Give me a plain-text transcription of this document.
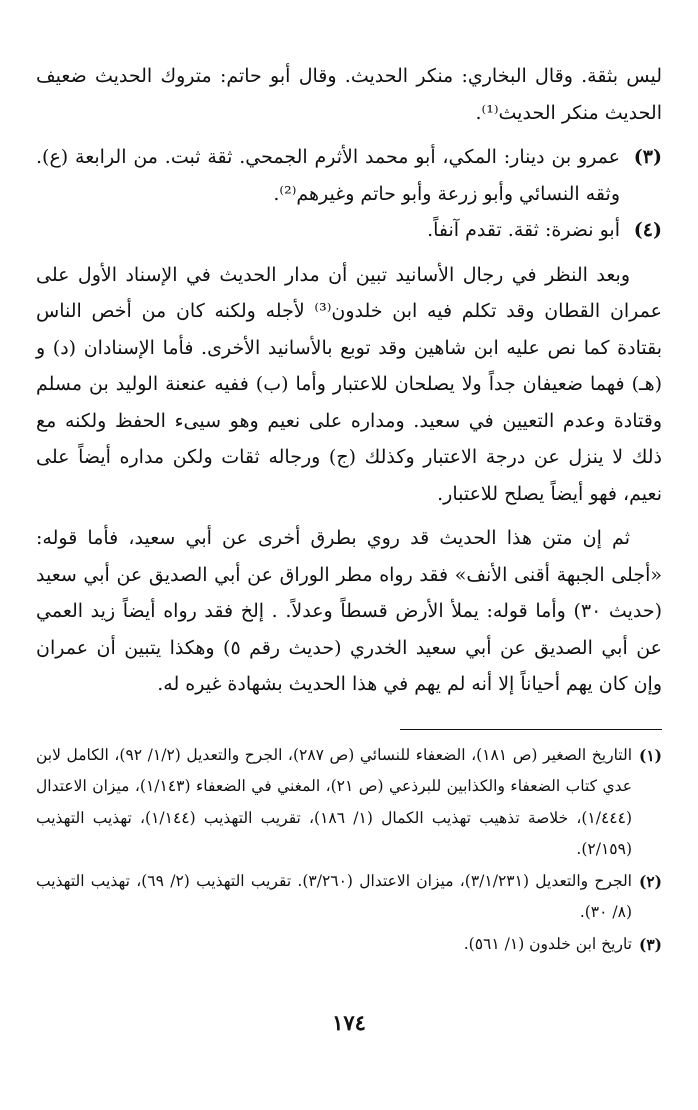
ليس بثقة. وقال البخاري: منكر الحديث. وقال أبو حاتم: متروك الحديث ضعيف الحديث منكر الحديث⁽¹⁾.

(٣)
عمرو بن دينار: المكي، أبو محمد الأثرم الجمحي. ثقة ثبت. من الرابعة (ع). وثقه النسائي وأبو زرعة وأبو حاتم وغيرهم⁽²⁾.
(٤)
أبو نضرة: ثقة. تقدم آنفاً.

وبعد النظر في رجال الأسانيد تبين أن مدار الحديث في الإسناد الأول على عمران القطان وقد تكلم فيه ابن خلدون⁽³⁾ لأجله ولكنه كان من أخص الناس بقتادة كما نص عليه ابن شاهين وقد توبع بالأسانيد الأخرى. فأما الإسنادان (د) و (هـ) فهما ضعيفان جداً ولا يصلحان للاعتبار وأما (ب) ففيه عنعنة الوليد بن مسلم وقتادة وعدم التعيين في سعيد. ومداره على نعيم وهو سيىء الحفظ ولكنه مع ذلك لا ينزل عن درجة الاعتبار وكذلك (ج) ورجاله ثقات ولكن مداره أيضاً على نعيم، فهو أيضاً يصلح للاعتبار.

ثم إن متن هذا الحديث قد روي بطرق أخرى عن أبي سعيد، فأما قوله: «أجلى الجبهة أقنى الأنف» فقد رواه مطر الوراق عن أبي الصديق عن أبي سعيد (حديث ٣٠) وأما قوله: يملأ الأرض قسطاً وعدلاً. . إلخ فقد رواه أيضاً زيد العمي عن أبي الصديق عن أبي سعيد الخدري (حديث رقم ٥) وهكذا يتبين أن عمران وإن كان يهم أحياناً إلا أنه لم يهم في هذا الحديث بشهادة غيره له.

(١)
التاريخ الصغير (ص ١٨١)، الضعفاء للنسائي (ص ٢٨٧)، الجرح والتعديل (١/٢/ ٩٢)، الكامل لابن عدي كتاب الضعفاء والكذابين للبرذعي (ص ٢١)، المغني في الضعفاء (١/١٤٣)، ميزان الاعتدال (١/٤٤٤)، خلاصة تذهيب تهذيب الكمال (١/ ١٨٦)، تقريب التهذيب (١/١٤٤)، تهذيب التهذيب (٢/١٥٩).
(٢)
الجرح والتعديل (٣/١/٢٣١)، ميزان الاعتدال (٣/٢٦٠). تقريب التهذيب (٢/ ٦٩)، تهذيب التهذيب (٨/ ٣٠).
(٣)
تاريخ ابن خلدون (١/ ٥٦١).
١٧٤
